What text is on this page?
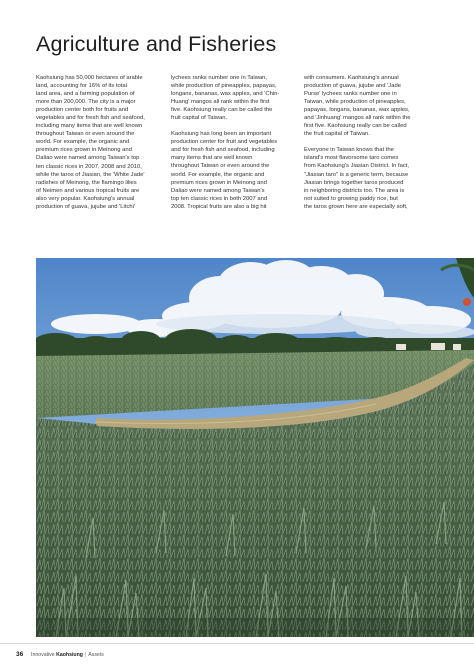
Agriculture and Fisheries

Kaohsiung has 50,000 hectares of arable
land, accounting for 16% of its total
land area, and a farming population of
more than 200,000. The city is a major
production center both for fruits and
vegetables and for fresh fish and seafood,
including many items that are well known
throughout Taiwan or even around the
world. For example, the organic and
premium rices grown in Meinong and
Daliao were named among Taiwan's top
ten classic rices in 2007, 2008 and 2010,
while the taros of Jiasian, the 'White Jade'
radishes of Meinong, the flamingo lilies
of Neimen and various tropical fruits are
also very popular. Kaohsiung's annual
production of guava, jujube and 'Litchi'

lychees ranks number one in Taiwan,
while production of pineapples, papayas,
longans, bananas, wax apples, and 'Chin-
Huang' mangos all rank within the first
five. Kaohsiung really can be called the
fruit capital of Taiwan.

Kaohsiung has long been an important
production center for fruit and vegetables
and for fresh fish and seafood, including
many items that are well known
throughout Taiwan or even around the
world. For example, the organic and
premium rices grown in Meinong and
Daliao were named among Taiwan's
top ten classic rices in both 2007 and
2008. Tropical fruits are also a big hit

with consumers. Kaohsiung's annual
production of guava, jujube and 'Jade
Purse' lychees ranks number one in
Taiwan, while production of pineapples,
papayas, longans, bananas, wax apples,
and 'Jinhuang' mangos all rank within the
first five. Kaohsiung really can be called
the fruit capital of Taiwan.

Everyone in Taiwan knows that the
island's most flavorsome taro comes
from Kaohsiung's Jiasian District. In fact,
"Jiasian taro" is a generic term, because
Jiasian brings together taros produced
in neighboring districts too. The area is
not suited to growing paddy rice, but
the taros grown here are especially soft,

36 Innovative Kaohsiung | Assets
